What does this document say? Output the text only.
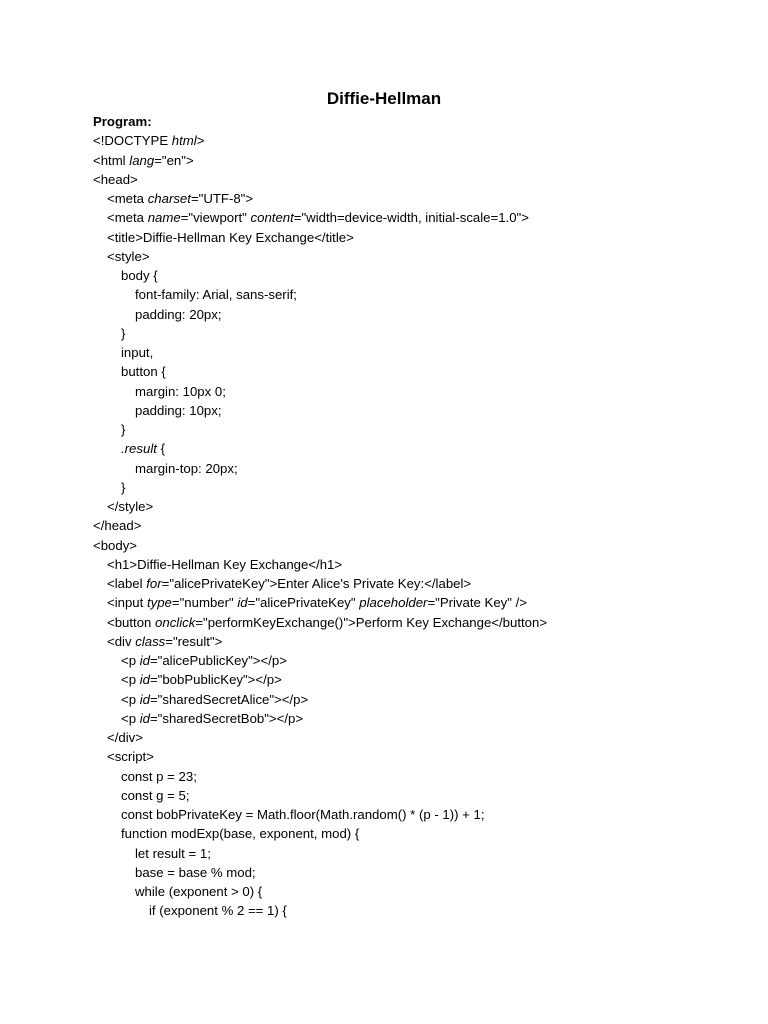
Diffie-Hellman
Program:
<!DOCTYPE html>
<html lang="en">
<head>
<meta charset="UTF-8">
<meta name="viewport" content="width=device-width, initial-scale=1.0">
<title>Diffie-Hellman Key Exchange</title>
<style>
body {
font-family: Arial, sans-serif;
padding: 20px;
}
input,
button {
margin: 10px 0;
padding: 10px;
}
.result {
margin-top: 20px;
}
</style>
</head>
<body>
<h1>Diffie-Hellman Key Exchange</h1>
<label for="alicePrivateKey">Enter Alice's Private Key:</label>
<input type="number" id="alicePrivateKey" placeholder="Private Key" />
<button onclick="performKeyExchange()">Perform Key Exchange</button>
<div class="result">
<p id="alicePublicKey"></p>
<p id="bobPublicKey"></p>
<p id="sharedSecretAlice"></p>
<p id="sharedSecretBob"></p>
</div>
<script>
const p = 23;
const g = 5;
const bobPrivateKey = Math.floor(Math.random() * (p - 1)) + 1;
function modExp(base, exponent, mod) {
let result = 1;
base = base % mod;
while (exponent > 0) {
if (exponent % 2 == 1) {
